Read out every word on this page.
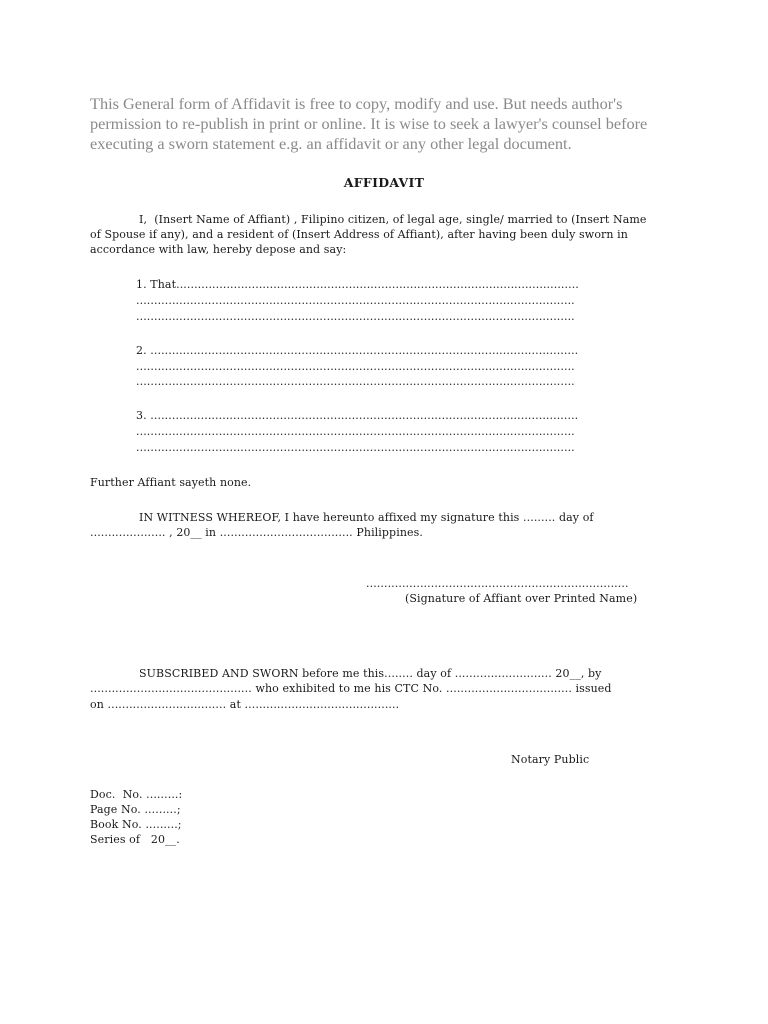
This General form of Affidavit is free to copy, modify and use. But needs author's

permission to re-publish in print or online. It is wise to seek a lawyer's counsel before

executing a sworn statement e.g. an affidavit or any other legal document.

AFFIDAVIT

I,  (Insert Name of Affiant) , Filipino citizen, of legal age, single/ married to (Insert Name

of Spouse if any), and a resident of (Insert Address of Affiant), after having been duly sworn in

accordance with law, hereby depose and say:

1. That................................................................................................................

..........................................................................................................................

..........................................................................................................................

2. .......................................................................................................................

..........................................................................................................................

..........................................................................................................................

3. .......................................................................................................................

..........................................................................................................................

..........................................................................................................................

Further Affiant sayeth none.

IN WITNESS WHEREOF, I have hereunto affixed my signature this ......... day of

..................... , 20__ in ..................................... Philippines.

.........................................................................

(Signature of Affiant over Printed Name)

SUBSCRIBED AND SWORN before me this........ day of ........................... 20__, by

............................................. who exhibited to me his CTC No. ................................... issued

on ................................. at ...........................................

Notary Public

Doc.  No. .........:

Page No. .........;

Book No. .........;

Series of   20__.
